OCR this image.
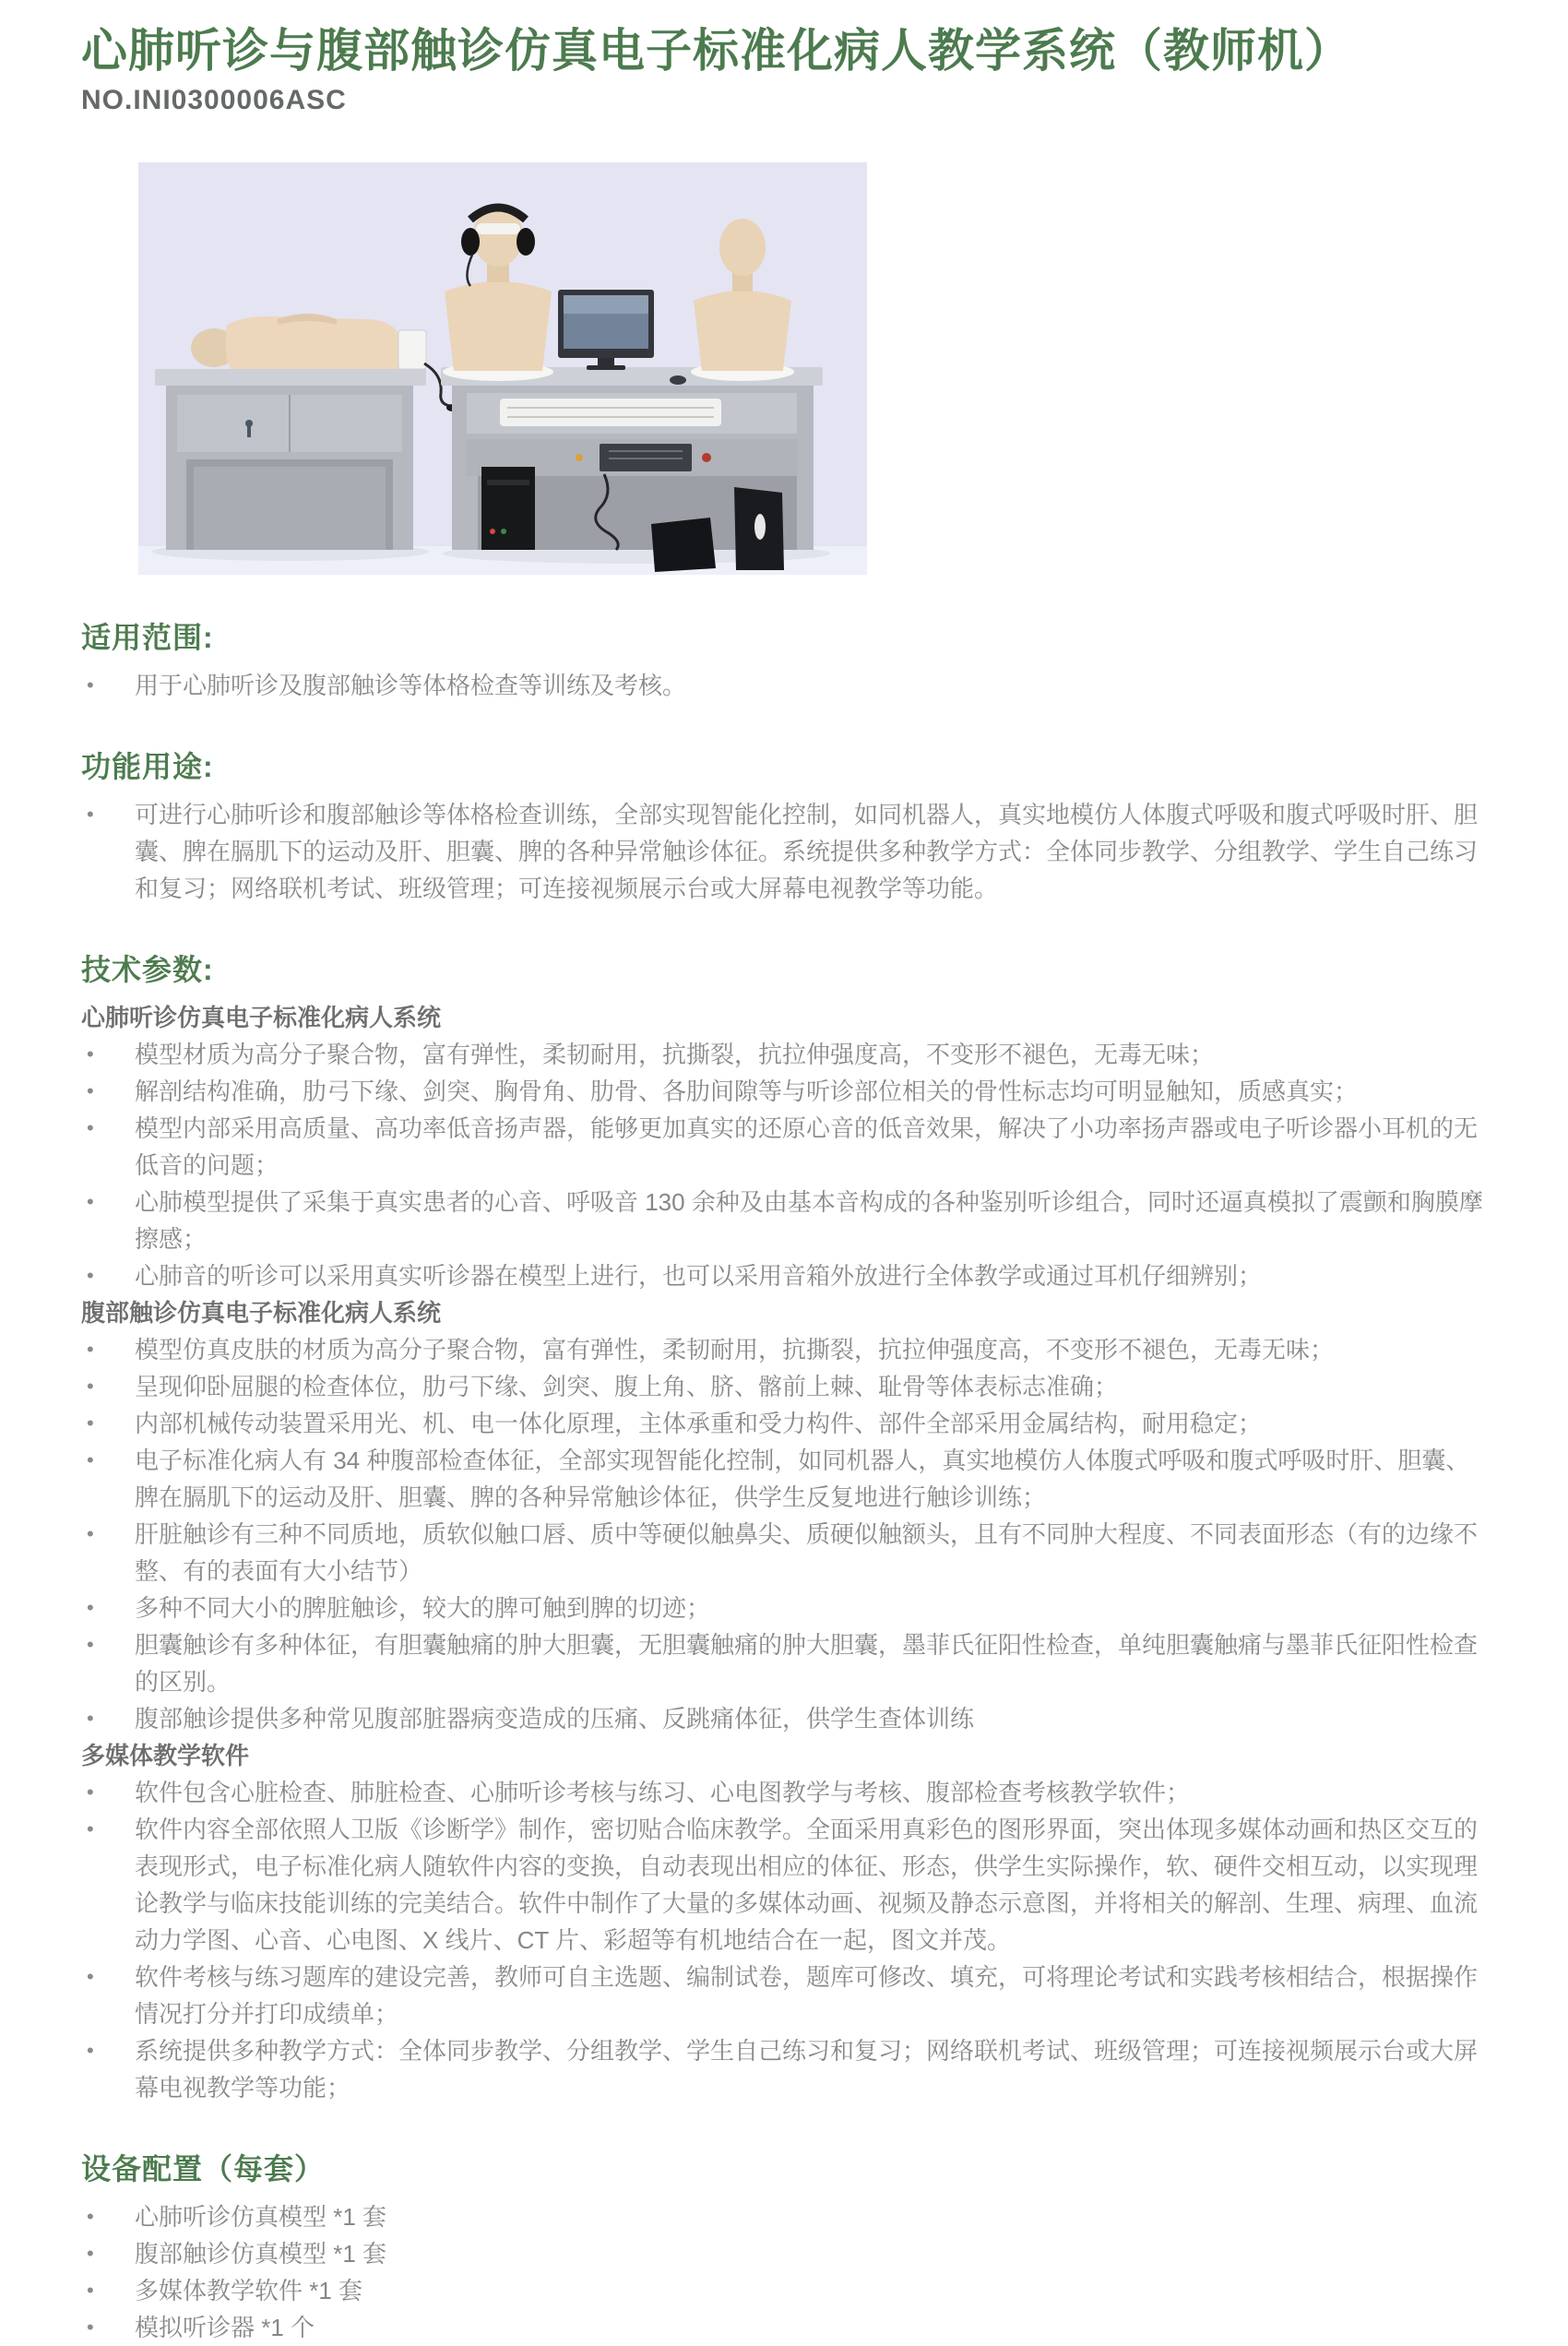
心肺听诊与腹部触诊仿真电子标准化病人教学系统（教师机）
NO.INI0300006ASC
适用范围:
•	用于心肺听诊及腹部触诊等体格检查等训练及考核。
功能用途:
•	可进行心肺听诊和腹部触诊等体格检查训练，全部实现智能化控制，如同机器人，真实地模仿人体腹式呼吸和腹式呼吸时肝、胆囊、脾在膈肌下的运动及肝、胆囊、脾的各种异常触诊体征。系统提供多种教学方式：全体同步教学、分组教学、学生自己练习和复习；网络联机考试、班级管理；可连接视频展示台或大屏幕电视教学等功能。
技术参数:
心肺听诊仿真电子标准化病人系统
•	模型材质为高分子聚合物，富有弹性，柔韧耐用，抗撕裂，抗拉伸强度高，不变形不褪色，无毒无味；
•	解剖结构准确，肋弓下缘、剑突、胸骨角、肋骨、各肋间隙等与听诊部位相关的骨性标志均可明显触知，质感真实；
•	模型内部采用高质量、高功率低音扬声器，能够更加真实的还原心音的低音效果，解决了小功率扬声器或电子听诊器小耳机的无低音的问题；
•	心肺模型提供了采集于真实患者的心音、呼吸音 130 余种及由基本音构成的各种鉴别听诊组合，同时还逼真模拟了震颤和胸膜摩擦感；
•	心肺音的听诊可以采用真实听诊器在模型上进行，也可以采用音箱外放进行全体教学或通过耳机仔细辨别；
腹部触诊仿真电子标准化病人系统
•	模型仿真皮肤的材质为高分子聚合物，富有弹性，柔韧耐用，抗撕裂，抗拉伸强度高，不变形不褪色，无毒无味；
•	呈现仰卧屈腿的检查体位，肋弓下缘、剑突、腹上角、脐、髂前上棘、耻骨等体表标志准确；
•	内部机械传动装置采用光、机、电一体化原理，主体承重和受力构件、部件全部采用金属结构，耐用稳定；
•	电子标准化病人有 34 种腹部检查体征，全部实现智能化控制，如同机器人，真实地模仿人体腹式呼吸和腹式呼吸时肝、胆囊、脾在膈肌下的运动及肝、胆囊、脾的各种异常触诊体征，供学生反复地进行触诊训练；
•	肝脏触诊有三种不同质地，质软似触口唇、质中等硬似触鼻尖、质硬似触额头，且有不同肿大程度、不同表面形态（有的边缘不整、有的表面有大小结节）
•	多种不同大小的脾脏触诊，较大的脾可触到脾的切迹；
•	胆囊触诊有多种体征，有胆囊触痛的肿大胆囊，无胆囊触痛的肿大胆囊，墨菲氏征阳性检查，单纯胆囊触痛与墨菲氏征阳性检查的区别。
•	腹部触诊提供多种常见腹部脏器病变造成的压痛、反跳痛体征，供学生查体训练
多媒体教学软件
•	软件包含心脏检查、肺脏检查、心肺听诊考核与练习、心电图教学与考核、腹部检查考核教学软件；
•	软件内容全部依照人卫版《诊断学》制作，密切贴合临床教学。全面采用真彩色的图形界面，突出体现多媒体动画和热区交互的表现形式，电子标准化病人随软件内容的变换，自动表现出相应的体征、形态，供学生实际操作，软、硬件交相互动，以实现理论教学与临床技能训练的完美结合。软件中制作了大量的多媒体动画、视频及静态示意图，并将相关的解剖、生理、病理、血流动力学图、心音、心电图、X 线片、CT 片、彩超等有机地结合在一起，图文并茂。
•	软件考核与练习题库的建设完善，教师可自主选题、编制试卷，题库可修改、填充，可将理论考试和实践考核相结合，根据操作情况打分并打印成绩单；
•	系统提供多种教学方式：全体同步教学、分组教学、学生自己练习和复习；网络联机考试、班级管理；可连接视频展示台或大屏幕电视教学等功能；
设备配置（每套）
•	心肺听诊仿真模型 *1 套
•	腹部触诊仿真模型 *1 套
•	多媒体教学软件 *1 套
•	模拟听诊器 *1 个
